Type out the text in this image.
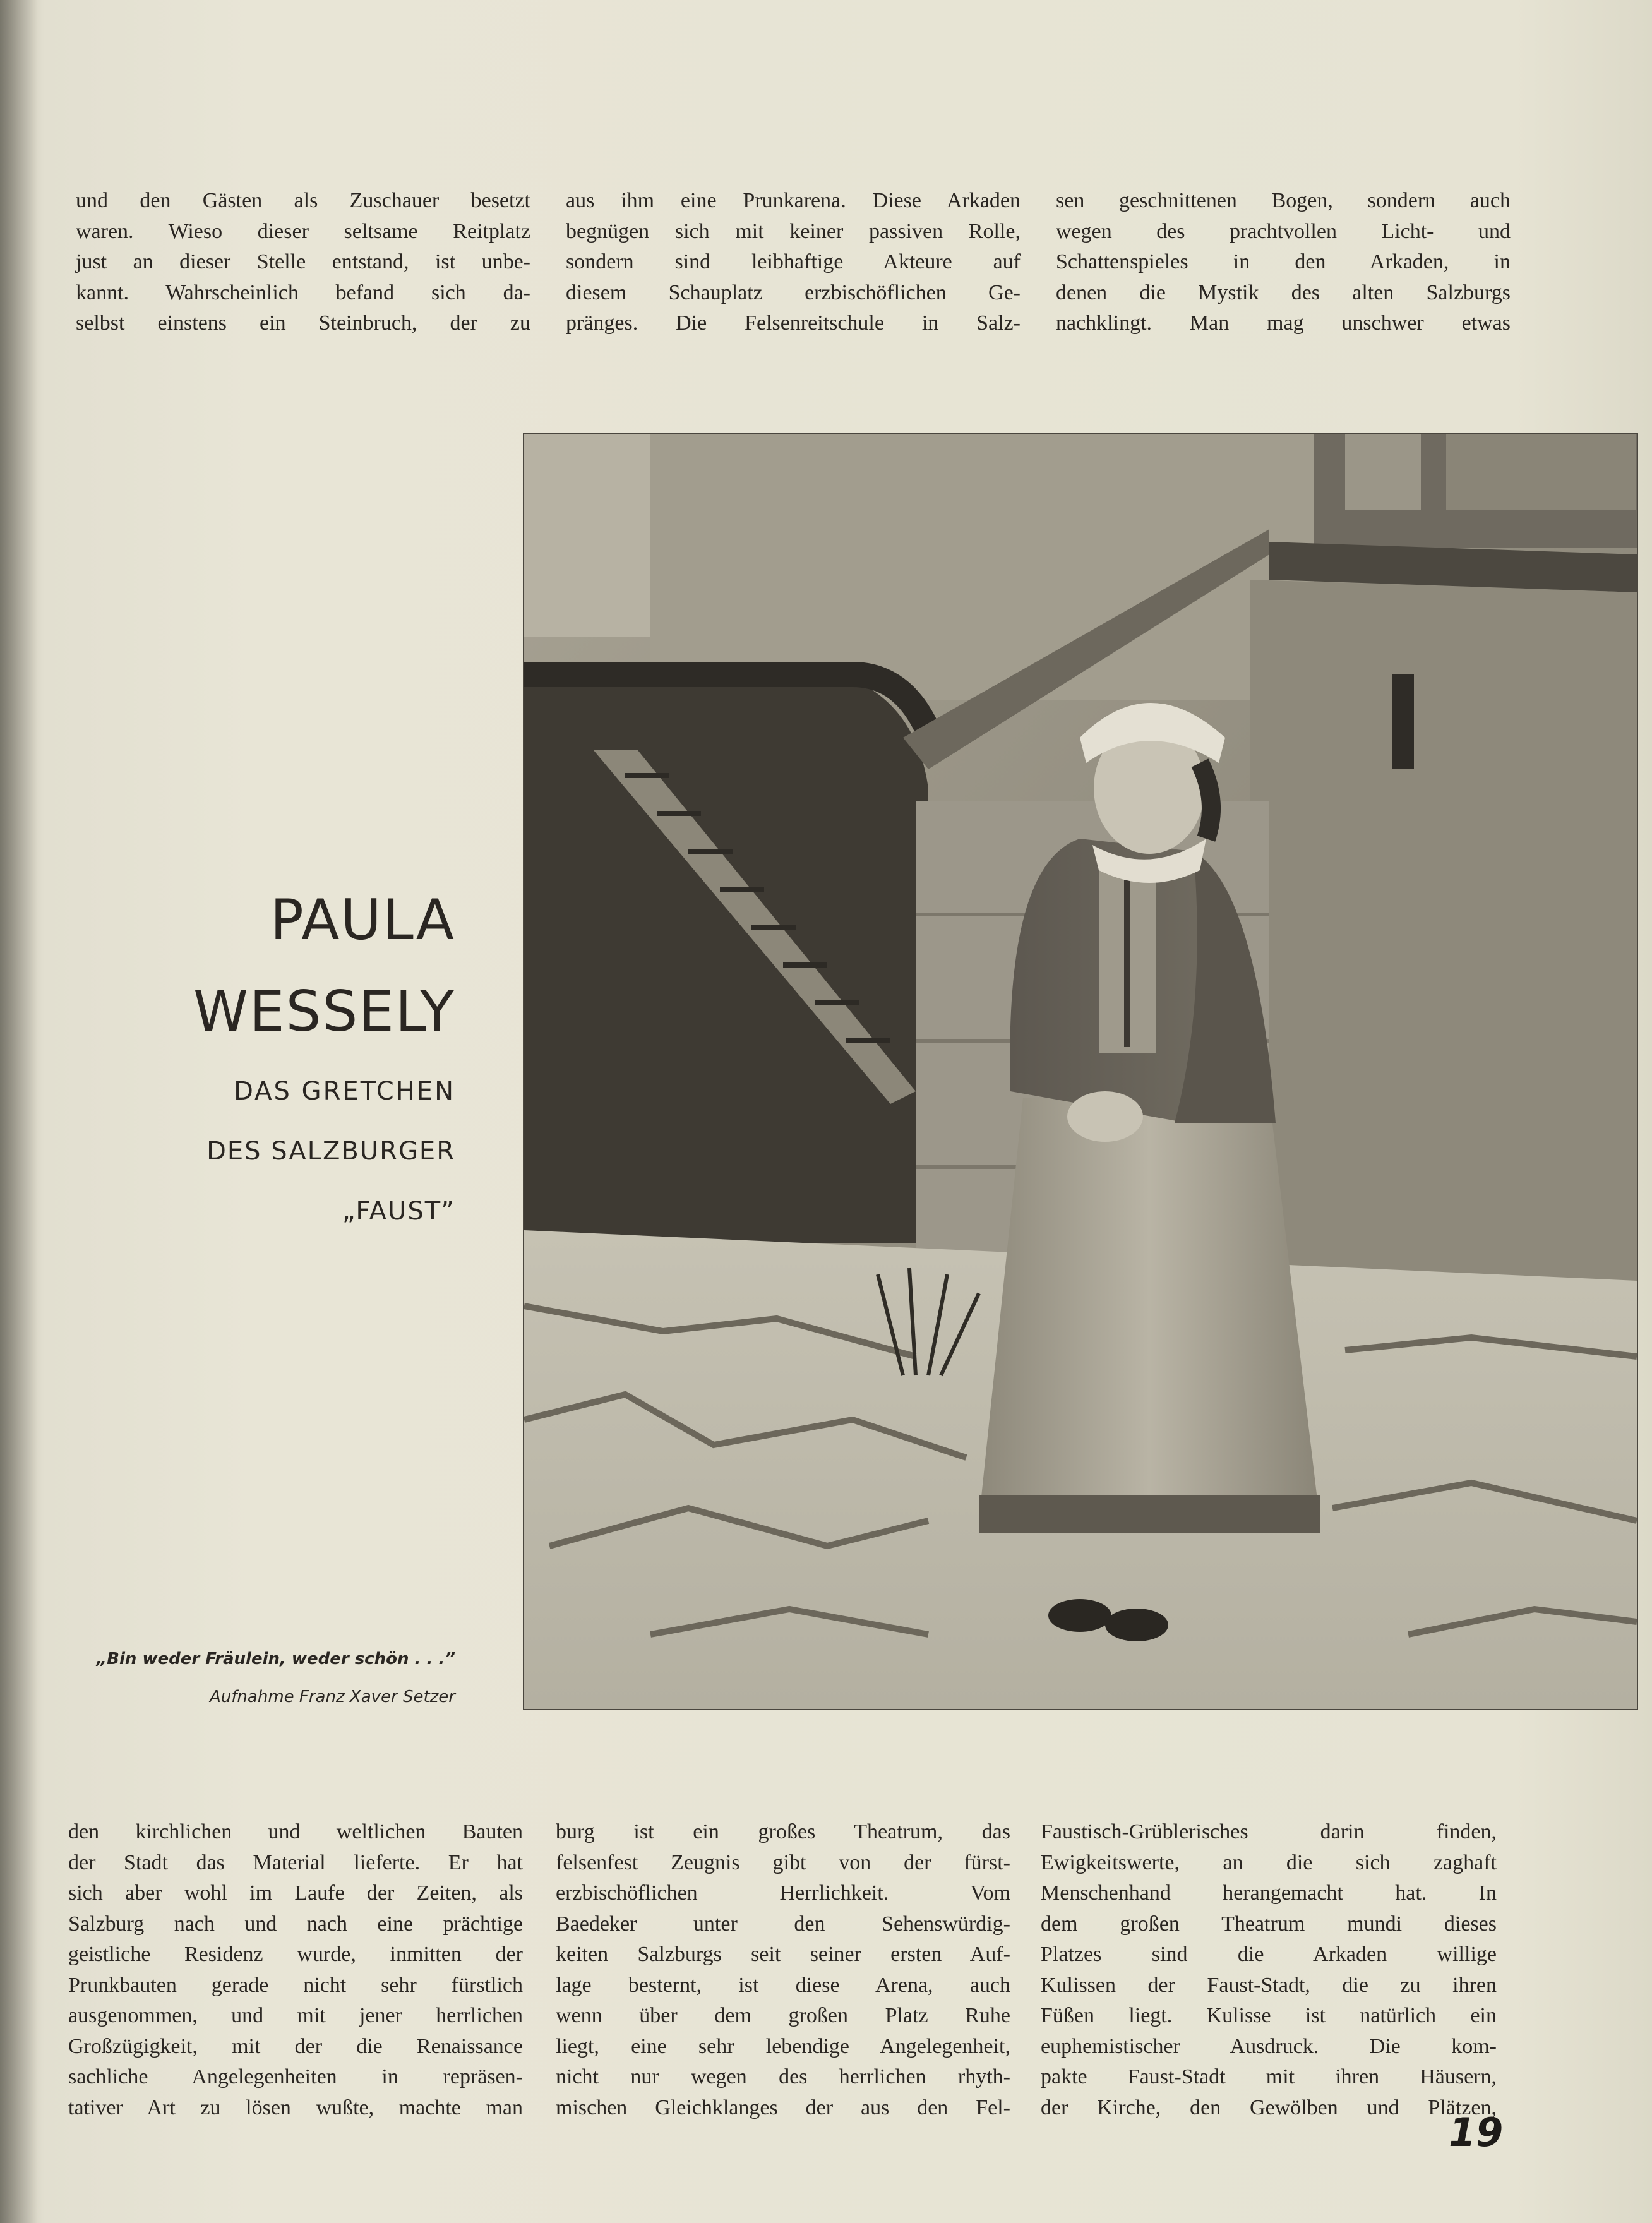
und den Gästen als Zuschauer besetzt
waren. Wieso dieser seltsame Reitplatz
just an dieser Stelle entstand, ist unbe-
kannt. Wahrscheinlich befand sich da-
selbst einstens ein Steinbruch, der zu
aus ihm eine Prunkarena. Diese Arkaden
begnügen sich mit keiner passiven Rolle,
sondern sind leibhaftige Akteure auf
diesem Schauplatz erzbischöflichen Ge-
pränges. Die Felsenreitschule in Salz-
sen geschnittenen Bogen, sondern auch
wegen des prachtvollen Licht- und
Schattenspieles in den Arkaden, in
denen die Mystik des alten Salzburgs
nachklingt. Man mag unschwer etwas
PAULA
WESSELY
DAS GRETCHEN
DES SALZBURGER
„FAUST”
„Bin weder Fräulein, weder schön . . .”
Aufnahme Franz Xaver Setzer
den kirchlichen und weltlichen Bauten
der Stadt das Material lieferte. Er hat
sich aber wohl im Laufe der Zeiten, als
Salzburg nach und nach eine prächtige
geistliche Residenz wurde, inmitten der
Prunkbauten gerade nicht sehr fürstlich
ausgenommen, und mit jener herrlichen
Großzügigkeit, mit der die Renaissance
sachliche Angelegenheiten in repräsen-
tativer Art zu lösen wußte, machte man
burg ist ein großes Theatrum, das
felsenfest Zeugnis gibt von der fürst-
erzbischöflichen Herrlichkeit. Vom
Baedeker unter den Sehenswürdig-
keiten Salzburgs seit seiner ersten Auf-
lage besternt, ist diese Arena, auch
wenn über dem großen Platz Ruhe
liegt, eine sehr lebendige Angelegenheit,
nicht nur wegen des herrlichen rhyth-
mischen Gleichklanges der aus den Fel-
Faustisch-Grüblerisches darin finden,
Ewigkeitswerte, an die sich zaghaft
Menschenhand herangemacht hat. In
dem großen Theatrum mundi dieses
Platzes sind die Arkaden willige
Kulissen der Faust-Stadt, die zu ihren
Füßen liegt. Kulisse ist natürlich ein
euphemistischer Ausdruck. Die kom-
pakte Faust-Stadt mit ihren Häusern,
der Kirche, den Gewölben und Plätzen,
19
